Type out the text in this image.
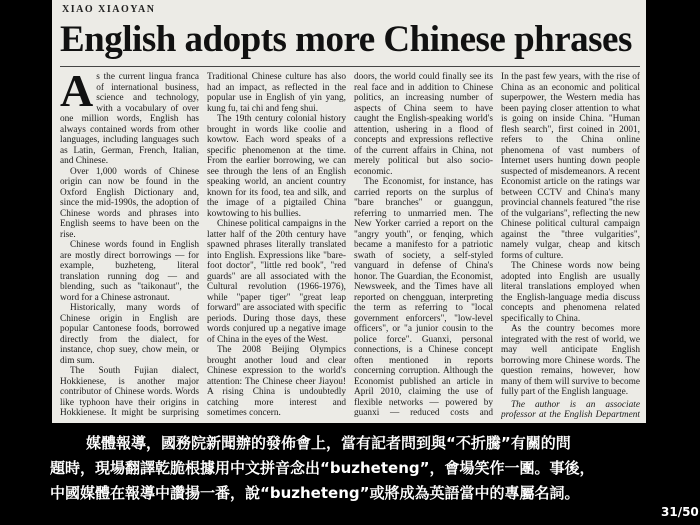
XIAO XIAOYAN
English adopts more Chinese phrases
A s the current lingua franca of international business, science and technology, with a vocabulary of over one million words, English has always contained words from other languages, including languages such as Latin, German, French, Italian, and Chinese.

Over 1,000 words of Chinese origin can now be found in the Oxford English Dictionary and, since the mid-1990s, the adoption of Chinese words and phrases into English seems to have been on the rise.

Chinese words found in English are mostly direct borrowings — for example, buzheteng, literal translation running dog — and blending, such as "taikonaut", the word for a Chinese astronaut.

Historically, many words of Chinese origin in English are popular Cantonese foods, borrowed directly from the dialect, for instance, chop suey, chow mein, or dim sum.

The South Fujian dialect, Hokkienese, is another major contributor of Chinese words. Words like typhoon have their origins in Hokkienese. It might be surprising

Traditional Chinese culture has also had an impact, as reflected in the popular use in English of yin yang, kung fu, tai chi and feng shui.

The 19th century colonial history brought in words like coolie and kowtow. Each word speaks of a specific phenomenon at the time. From the earlier borrowing, we can see through the lens of an English speaking world, an ancient country known for its food, tea and silk, and the image of a pigtailed China kowtowing to his bullies.

Chinese political campaigns in the latter half of the 20th century have spawned phrases literally translated into English. Expressions like "bare-foot doctor", "little red book", "red guards" are all associated with the Cultural revolution (1966-1976), while "paper tiger" "great leap forward" are associated with specific periods. During those days, these words conjured up a negative image of China in the eyes of the West.

The 2008 Beijing Olympics brought another loud and clear Chinese expression to the world's attention: The Chinese cheer Jiayou! A rising China is undoubtedly catching more interest and sometimes concern.

doors, the world could finally see its real face and in addition to Chinese politics, an increasing number of aspects of China seem to have caught the English-speaking world's attention, ushering in a flood of concepts and expressions reflective of the current affairs in China, not merely political but also socio-economic.

The Economist, for instance, has carried reports on the surplus of "bare branches" or guanggun, referring to unmarried men. The New Yorker carried a report on the "angry youth", or fenqing, which became a manifesto for a patriotic swath of society, a self-styled vanguard in defense of China's honor. The Guardian, the Economist, Newsweek, and the Times have all reported on chengguan, interpreting the term as referring to "local government enforcers", "low-level officers", or "a junior cousin to the police force". Guanxi, personal connections, is a Chinese concept often mentioned in reports concerning corruption. Although the Economist published an article in April 2010, claiming the use of flexible networks — powered by guanxi — reduced costs and

In the past few years, with the rise of China as an economic and political superpower, the Western media has been paying closer attention to what is going on inside China. "Human flesh search", first coined in 2001, refers to the China online phenomena of vast numbers of Internet users hunting down people suspected of misdemeanors. A recent Economist article on the ratings war between CCTV and China's many provincial channels featured "the rise of the vulgarians", reflecting the new Chinese political cultural campaign against the "three vulgarities", namely vulgar, cheap and kitsch forms of culture.

The Chinese words now being adopted into English are usually literal translations employed when the English-language media discuss concepts and phenomena related specifically to China.

As the country becomes more integrated with the rest of world, we may well anticipate English borrowing more Chinese words. The question remains, however, how many of them will survive to become fully part of the English language.

The author is an associate professor at the English Department

媒體報導，國務院新聞辦的發佈會上，當有記者問到與“不折騰”有關的問
題時，現場翻譯乾脆根據用中文拼音念出“buzheteng”，會場笑作一團。事後，
中國媒體在報導中讚揚一番，說“buzheteng”或將成為英語當中的專屬名詞。
31/50
